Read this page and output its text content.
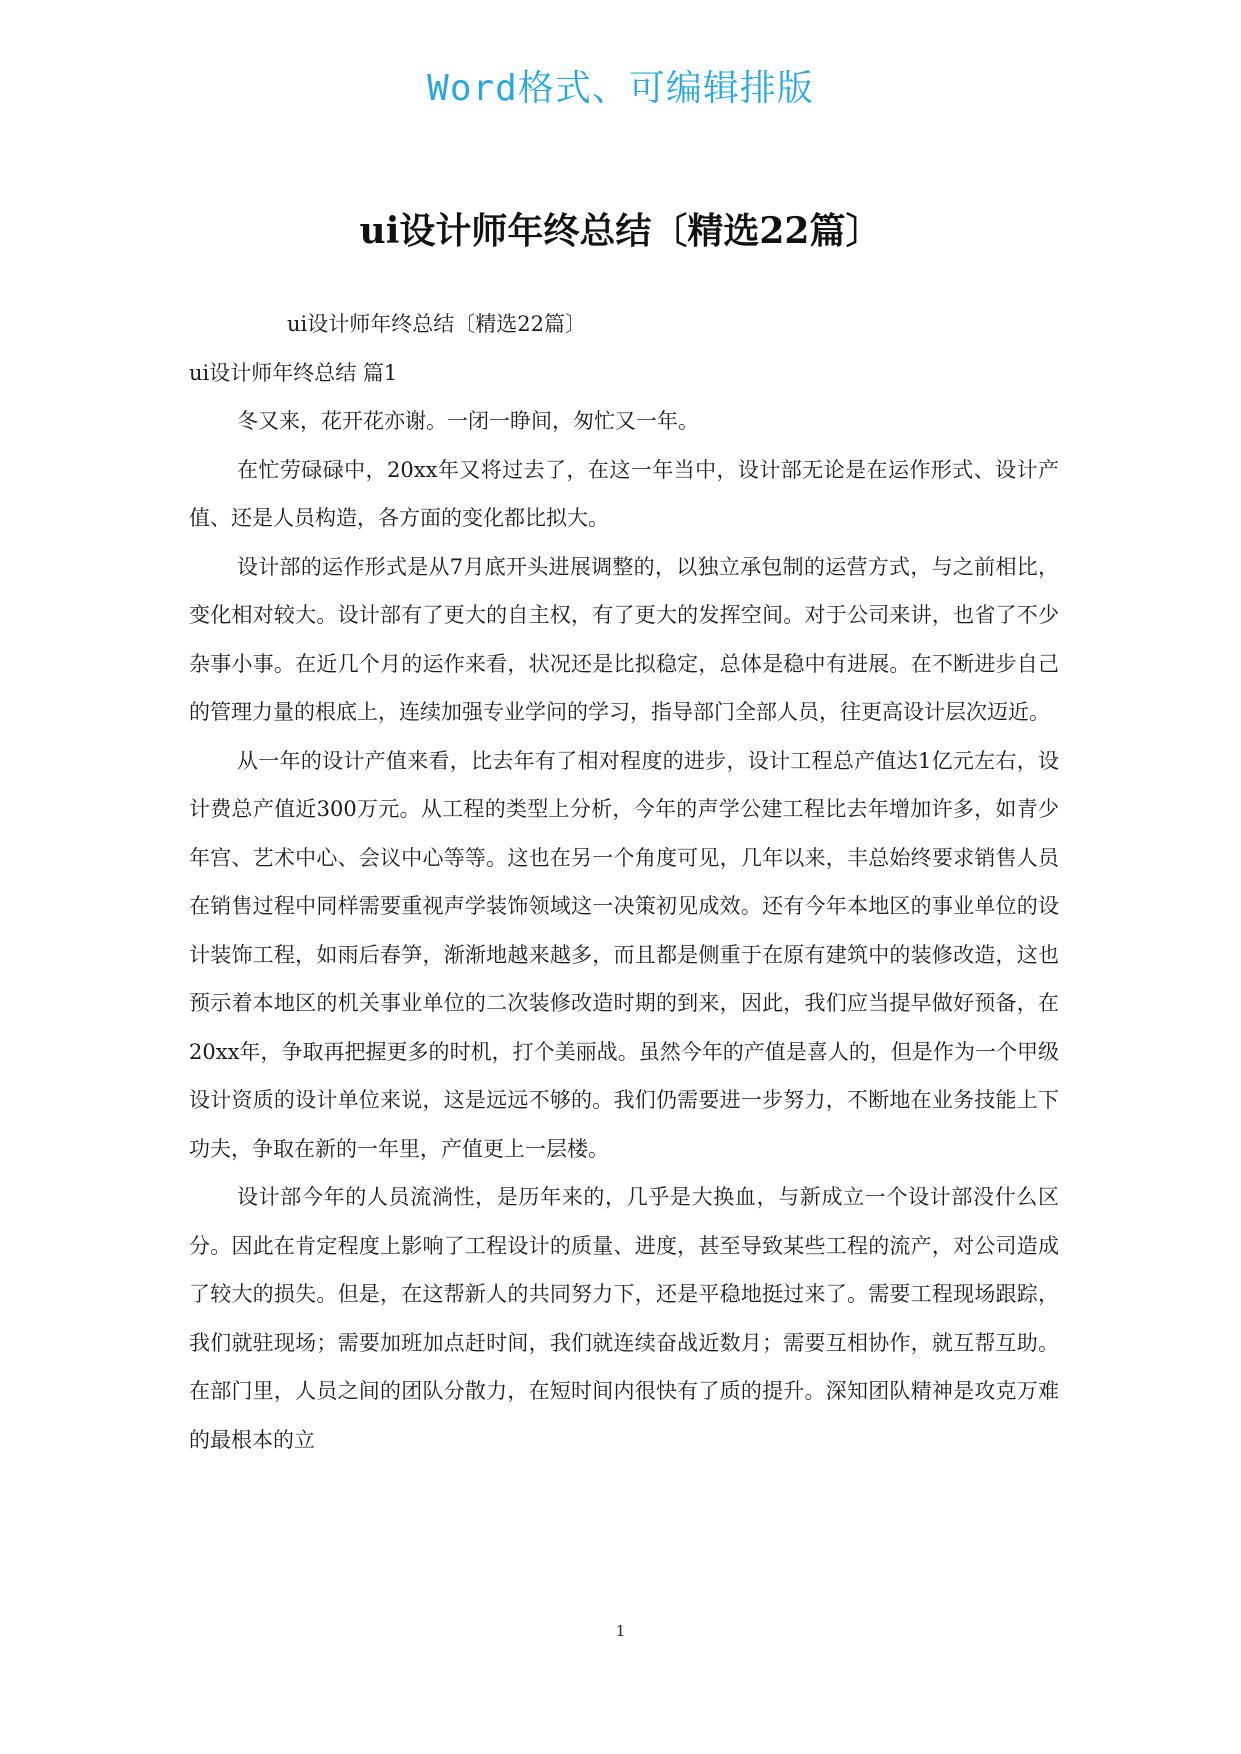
Word格式、可编辑排版
ui设计师年终总结〔精选22篇〕
ui设计师年终总结〔精选22篇〕
ui设计师年终总结 篇1

冬又来，花开花亦谢。一闭一睁间，匆忙又一年。

在忙劳碌碌中，20xx年又将过去了，在这一年当中，设计部无论是在运作形式、设计产值、还是人员构造，各方面的变化都比拟大。

设计部的运作形式是从7月底开头进展调整的，以独立承包制的运营方式，与之前相比，变化相对较大。设计部有了更大的自主权，有了更大的发挥空间。对于公司来讲，也省了不少杂事小事。在近几个月的运作来看，状况还是比拟稳定，总体是稳中有进展。在不断进步自己的管理力量的根底上，连续加强专业学问的学习，指导部门全部人员，往更高设计层次迈近。

从一年的设计产值来看，比去年有了相对程度的进步，设计工程总产值达1亿元左右，设计费总产值近300万元。从工程的类型上分析，今年的声学公建工程比去年增加许多，如青少年宫、艺术中心、会议中心等等。这也在另一个角度可见，几年以来，丰总始终要求销售人员在销售过程中同样需要重视声学装饰领域这一决策初见成效。还有今年本地区的事业单位的设计装饰工程，如雨后春笋，渐渐地越来越多，而且都是侧重于在原有建筑中的装修改造，这也预示着本地区的机关事业单位的二次装修改造时期的到来，因此，我们应当提早做好预备，在20xx年，争取再把握更多的时机，打个美丽战。虽然今年的产值是喜人的，但是作为一个甲级设计资质的设计单位来说，这是远远不够的。我们仍需要进一步努力，不断地在业务技能上下功夫，争取在新的一年里，产值更上一层楼。

设计部今年的人员流淌性，是历年来的，几乎是大换血，与新成立一个设计部没什么区分。因此在肯定程度上影响了工程设计的质量、进度，甚至导致某些工程的流产，对公司造成了较大的损失。但是，在这帮新人的共同努力下，还是平稳地挺过来了。需要工程现场跟踪，我们就驻现场；需要加班加点赶时间，我们就连续奋战近数月；需要互相协作，就互帮互助。在部门里，人员之间的团队分散力，在短时间内很快有了质的提升。深知团队精神是攻克万难的最根本的立

1
